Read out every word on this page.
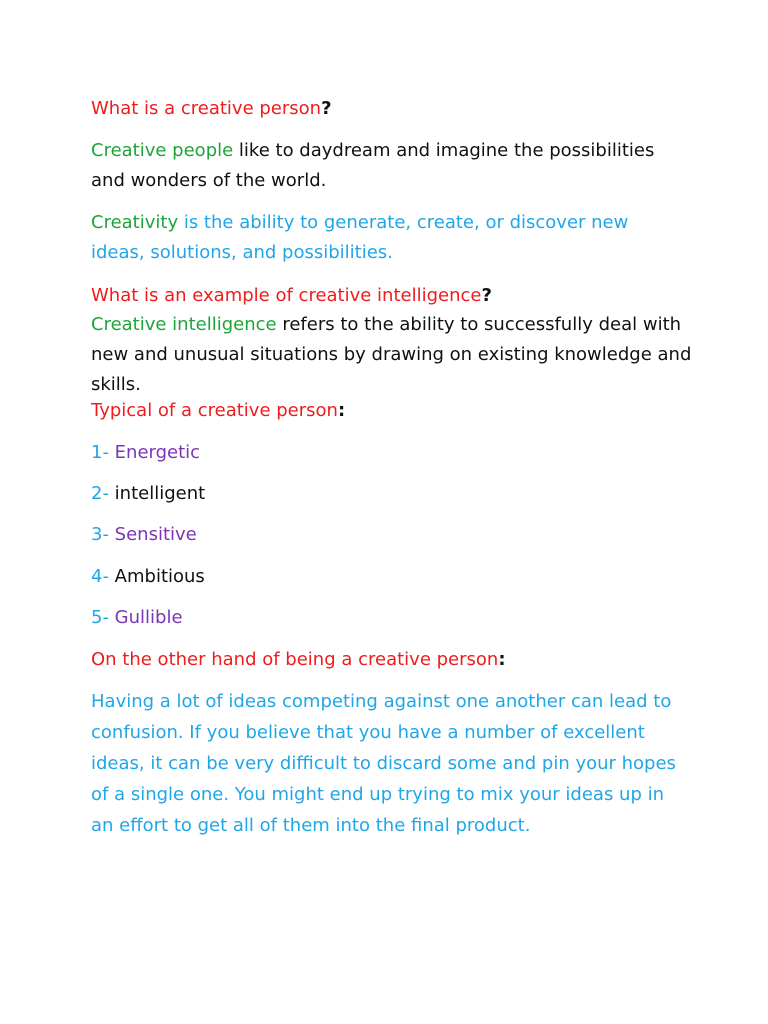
What is a creative person?

Creative people like to daydream and imagine the possibilities and wonders of the world.

Creativity is the ability to generate, create, or discover new ideas, solutions, and possibilities.

What is an example of creative intelligence?

Creative intelligence refers to the ability to successfully deal with new and unusual situations by drawing on existing knowledge and skills.

Typical of a creative person:

1- Energetic

2- intelligent

3- Sensitive

4- Ambitious

5- Gullible

On the other hand of being a creative person:

Having a lot of ideas competing against one another can lead to confusion. If you believe that you have a number of excellent ideas, it can be very difficult to discard some and pin your hopes of a single one. You might end up trying to mix your ideas up in an effort to get all of them into the final product.
